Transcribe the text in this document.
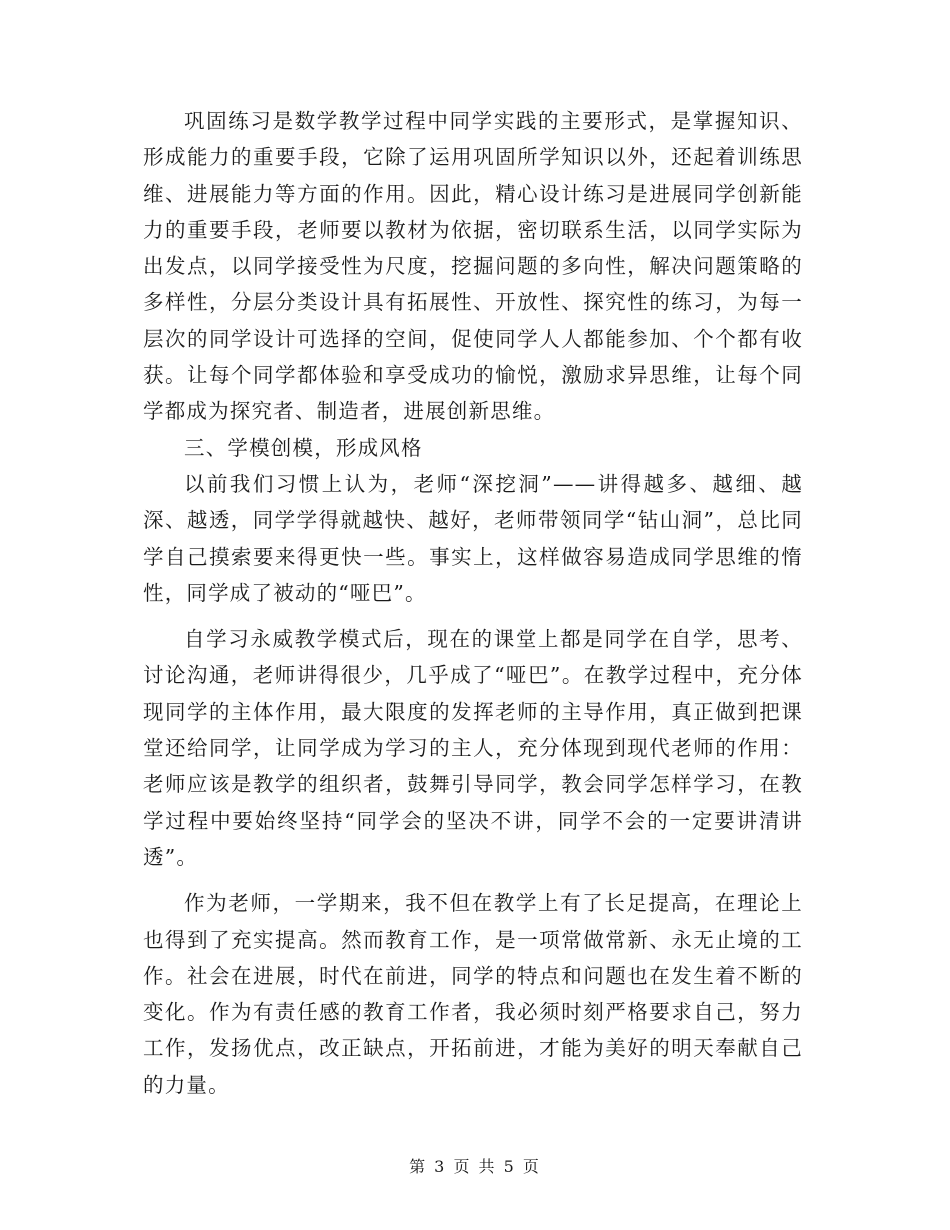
巩固练习是数学教学过程中同学实践的主要形式，是掌握知识、形成能力的重要手段，它除了运用巩固所学知识以外，还起着训练思维、进展能力等方面的作用。因此，精心设计练习是进展同学创新能力的重要手段，老师要以教材为依据，密切联系生活，以同学实际为出发点，以同学接受性为尺度，挖掘问题的多向性，解决问题策略的多样性，分层分类设计具有拓展性、开放性、探究性的练习，为每一层次的同学设计可选择的空间，促使同学人人都能参加、个个都有收获。让每个同学都体验和享受成功的愉悦，激励求异思维，让每个同学都成为探究者、制造者，进展创新思维。

三、学模创模，形成风格

以前我们习惯上认为，老师“深挖洞”——讲得越多、越细、越深、越透，同学学得就越快、越好，老师带领同学“钻山洞”，总比同学自己摸索要来得更快一些。事实上，这样做容易造成同学思维的惰性，同学成了被动的“哑巴”。

自学习永威教学模式后，现在的课堂上都是同学在自学，思考、讨论沟通，老师讲得很少，几乎成了“哑巴”。在教学过程中，充分体现同学的主体作用，最大限度的发挥老师的主导作用，真正做到把课堂还给同学，让同学成为学习的主人，充分体现到现代老师的作用：老师应该是教学的组织者，鼓舞引导同学，教会同学怎样学习，在教学过程中要始终坚持“同学会的坚决不讲，同学不会的一定要讲清讲透”。

作为老师，一学期来，我不但在教学上有了长足提高，在理论上也得到了充实提高。然而教育工作，是一项常做常新、永无止境的工作。社会在进展，时代在前进，同学的特点和问题也在发生着不断的变化。作为有责任感的教育工作者，我必须时刻严格要求自己，努力工作，发扬优点，改正缺点，开拓前进，才能为美好的明天奉献自己的力量。

第 3 页 共 5 页
